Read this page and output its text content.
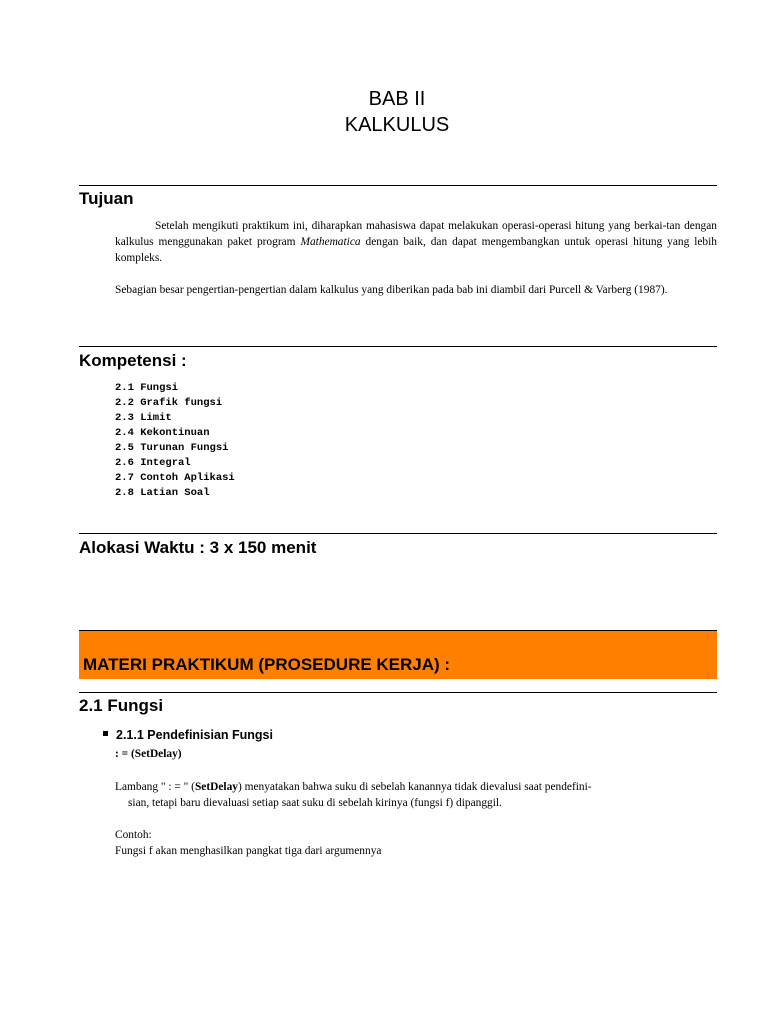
BAB II
KALKULUS
Tujuan
Setelah mengikuti praktikum ini, diharapkan mahasiswa dapat melakukan operasi-operasi hitung yang berkai-tan dengan kalkulus menggunakan paket program Mathematica dengan baik, dan dapat mengembangkan untuk operasi hitung yang lebih kompleks.
Sebagian besar pengertian-pengertian dalam kalkulus yang diberikan pada bab ini diambil dari Purcell & Varberg (1987).
Kompetensi :
2.1 Fungsi
2.2 Grafik fungsi
2.3 Limit
2.4 Kekontinuan
2.5 Turunan Fungsi
2.6 Integral
2.7 Contoh Aplikasi
2.8 Latian Soal
Alokasi Waktu : 3 x 150 menit
MATERI PRAKTIKUM (PROSEDURE KERJA) :
2.1 Fungsi
2.1.1 Pendefinisian Fungsi
: = (SetDelay)
Lambang " : = " (SetDelay) menyatakan bahwa suku di sebelah kanannya tidak dievalusi saat pendefini-
sian, tetapi baru dievaluasi setiap saat suku di sebelah kirinya (fungsi f) dipanggil.
Contoh:
Fungsi f akan menghasilkan pangkat tiga dari argumennya
